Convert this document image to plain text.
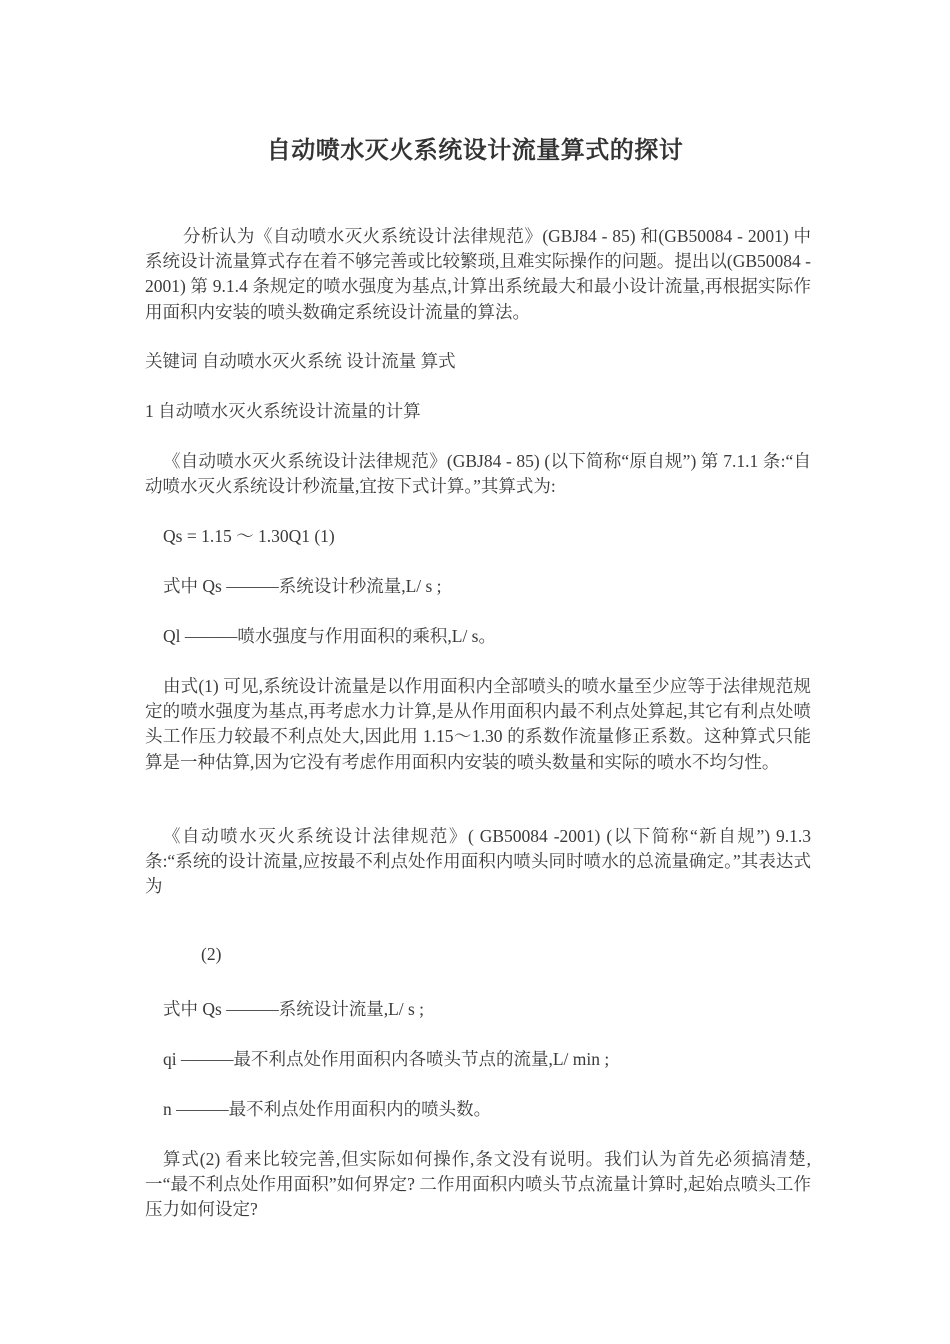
自动喷水灭火系统设计流量算式的探讨

分析认为《自动喷水灭火系统设计法律规范》(GBJ84 - 85) 和(GB50084 - 2001) 中系统设计流量算式存在着不够完善或比较繁琐,且难实际操作的问题。提出以(GB50084 - 2001) 第 9.1.4 条规定的喷水强度为基点,计算出系统最大和最小设计流量,再根据实际作用面积内安装的喷头数确定系统设计流量的算法。

关键词 自动喷水灭火系统 设计流量 算式

1 自动喷水灭火系统设计流量的计算

《自动喷水灭火系统设计法律规范》(GBJ84 - 85) (以下简称“原自规”) 第 7.1.1 条:“自动喷水灭火系统设计秒流量,宜按下式计算。”其算式为:

Qs = 1.15 ～ 1.30Q1 (1)

式中 Qs ———系统设计秒流量,L/ s ;

Ql ———喷水强度与作用面积的乘积,L/ s。

由式(1) 可见,系统设计流量是以作用面积内全部喷头的喷水量至少应等于法律规范规定的喷水强度为基点,再考虑水力计算,是从作用面积内最不利点处算起,其它有利点处喷头工作压力较最不利点处大,因此用 1.15～1.30 的系数作流量修正系数。这种算式只能算是一种估算,因为它没有考虑作用面积内安装的喷头数量和实际的喷水不均匀性。

《自动喷水灭火系统设计法律规范》( GB50084 -2001) (以下简称“新自规”) 9.1.3 条:“系统的设计流量,应按最不利点处作用面积内喷头同时喷水的总流量确定。”其表达式为

(2)

式中 Qs ———系统设计流量,L/ s ;

qi ———最不利点处作用面积内各喷头节点的流量,L/ min ;

n ———最不利点处作用面积内的喷头数。

算式(2) 看来比较完善,但实际如何操作,条文没有说明。我们认为首先必须搞清楚,一“最不利点处作用面积”如何界定? 二作用面积内喷头节点流量计算时,起始点喷头工作压力如何设定?
